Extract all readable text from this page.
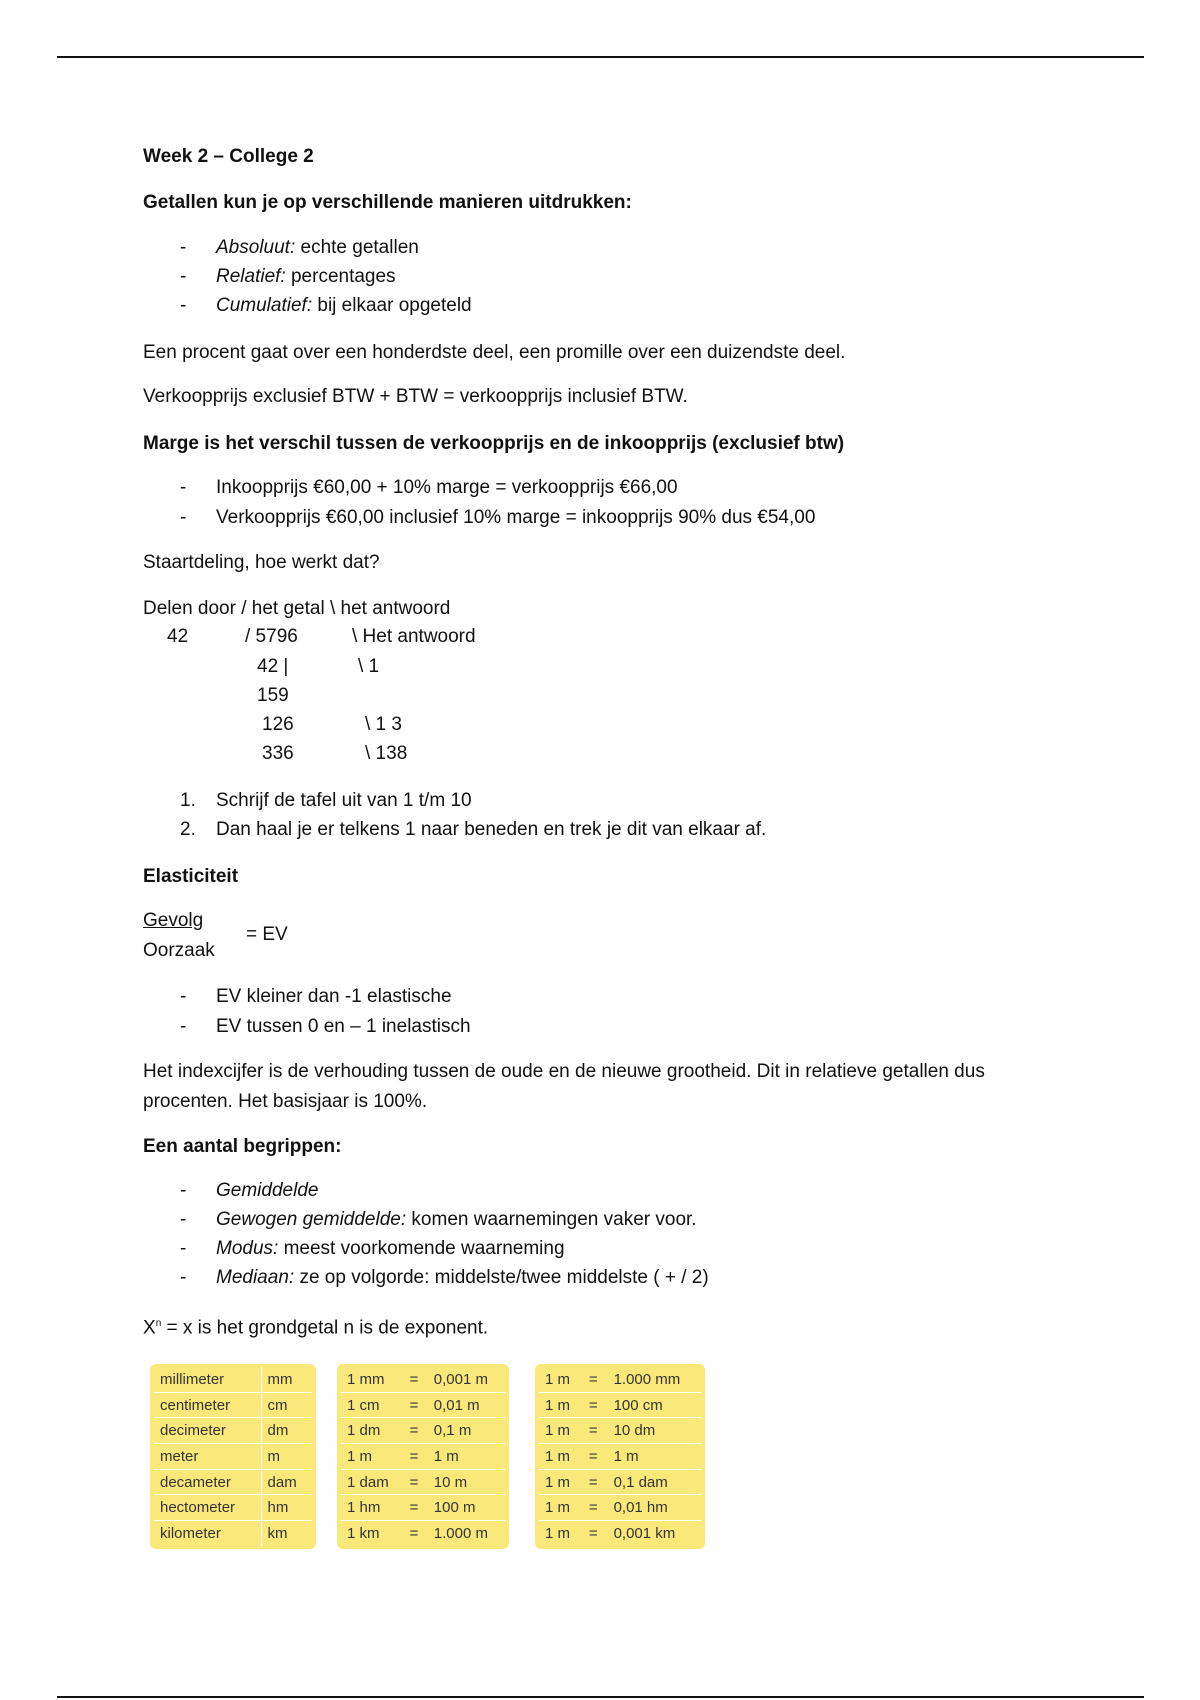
Week 2 – College 2
Getallen kun je op verschillende manieren uitdrukken:
- Absoluut: echte getallen
- Relatief: percentages
- Cumulatief: bij elkaar opgeteld
Een procent gaat over een honderdste deel, een promille over een duizendste deel.
Verkoopprijs exclusief BTW + BTW = verkoopprijs inclusief BTW.
Marge is het verschil tussen de verkoopprijs en de inkoopprijs (exclusief btw)
- Inkoopprijs €60,00 + 10% marge = verkoopprijs €66,00
- Verkoopprijs €60,00 inclusief 10% marge = inkoopprijs 90% dus €54,00
Staartdeling, hoe werkt dat?
Delen door / het getal \ het antwoord
42	/ 5796	\ Het antwoord
42 |	\ 1
159
126	\ 1 3
336	\ 138
1. Schrijf de tafel uit van 1 t/m 10
2. Dan haal je er telkens 1 naar beneden en trek je dit van elkaar af.
Elasticiteit
Gevolg
Oorzaak
= EV
- EV kleiner dan -1 elastische
- EV tussen 0 en – 1 inelastisch
Het indexcijfer is de verhouding tussen de oude en de nieuwe grootheid. Dit in relatieve getallen dus
procenten. Het basisjaar is 100%.
Een aantal begrippen:
- Gemiddelde
- Gewogen gemiddelde: komen waarnemingen vaker voor.
- Modus: meest voorkomende waarneming
- Mediaan: ze op volgorde: middelste/twee middelste ( + / 2)
$X^n = x$ is het grondgetal n is de exponent.
millimeter	mm
centimeter	cm
decimeter	dm
meter	m
decameter	dam
hectometer	hm
kilometer	km
1 mm	=	0,001 m
1 cm	=	0,01 m
1 dm	=	0,1 m
1 m	=	1 m
1 dam	=	10 m
1 hm	=	100 m
1 km	=	1.000 m
1 m	=	1.000 mm
1 m	=	100 cm
1 m	=	10 dm
1 m	=	1 m
1 m	=	0,1 dam
1 m	=	0,01 hm
1 m	=	0,001 km
